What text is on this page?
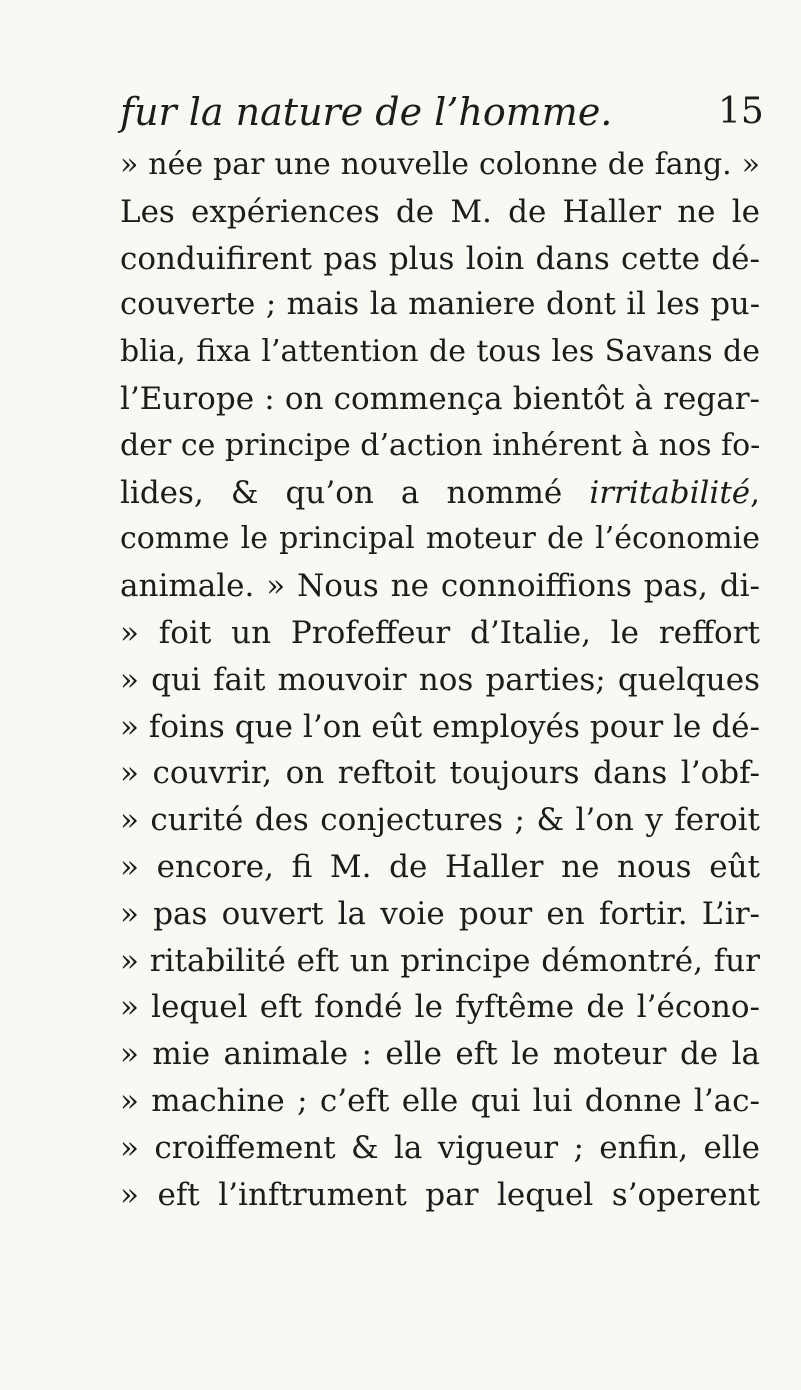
fur la nature de l’homme.	15
» née par une nouvelle colonne de fang. »
Les expériences de M. de Haller ne le
conduifirent pas plus loin dans cette dé-
couverte ; mais la maniere dont il les pu-
blia, fixa l’attention de tous les Savans de
l’Europe : on commença bientôt à regar-
der ce principe d’action inhérent à nos fo-
lides, & qu’on a nommé irritabilité,
comme le principal moteur de l’économie
animale. » Nous ne connoiffions pas, di-
» foit un Profeffeur d’Italie, le reffort
» qui fait mouvoir nos parties; quelques
» foins que l’on eût employés pour le dé-
» couvrir, on reftoit toujours dans l’obf-
» curité des conjectures ; & l’on y feroit
» encore, fi M. de Haller ne nous eût
» pas ouvert la voie pour en fortir. L’ir-
» ritabilité eft un principe démontré, fur
» lequel eft fondé le fyftême de l’écono-
» mie animale : elle eft le moteur de la
» machine ; c’eft elle qui lui donne l’ac-
» croiffement & la vigueur ; enfin, elle
» eft l’inftrument par lequel s’operent
